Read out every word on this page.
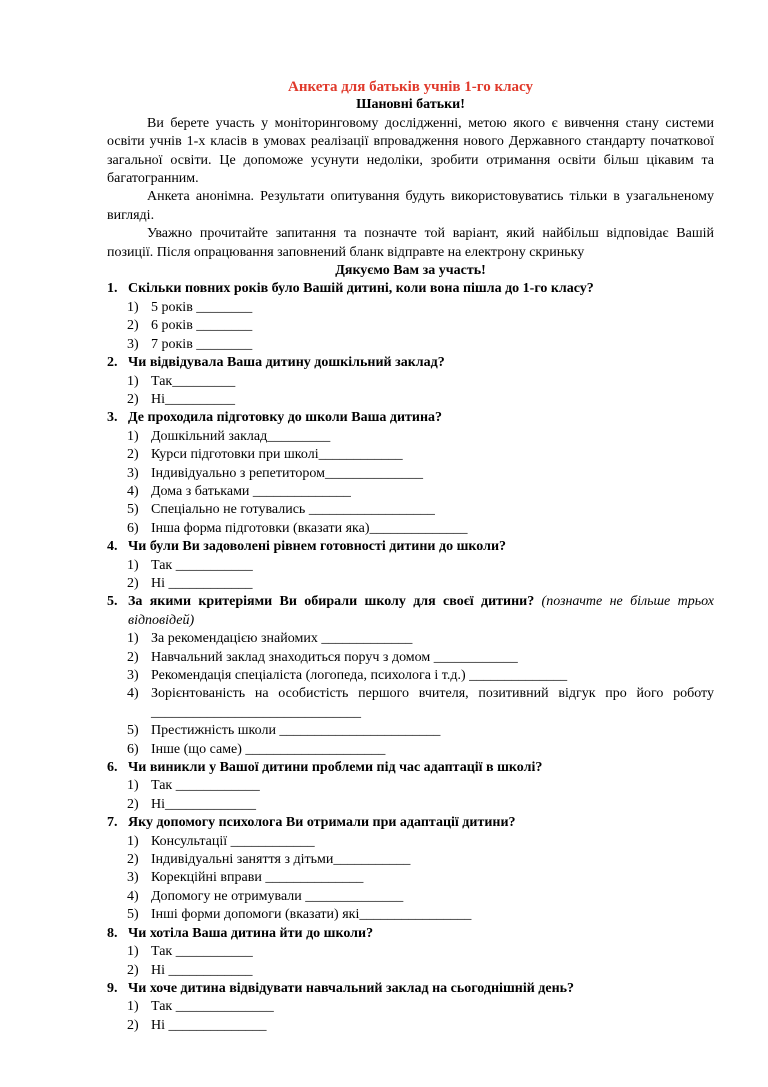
Анкета для батьків учнів 1-го класу
Шановні батьки!

Ви берете участь у моніторинговому дослідженні, метою якого є вивчення стану системи освіти учнів 1-х класів в умовах реалізації впровадження нового Державного стандарту початкової загальної освіти. Це допоможе усунути недоліки, зробити отримання освіти більш цікавим та багатогранним.

Анкета анонімна. Результати опитування будуть використовуватись тільки в узагальненому вигляді.

Уважно прочитайте запитання та позначте той варіант, який найбільш відповідає Вашій позиції. Після опрацювання заповнений бланк відправте на електрону скриньку

Дякуємо Вам за участь!
1. Скільки повних років було Вашій дитині, коли вона пішла до 1-го класу?
1) 5 років ________
2) 6 років ________
3) 7 років ________
2. Чи відвідувала Ваша дитину дошкільний заклад?
1) Так_________
2) Ні__________
3. Де проходила підготовку до школи Ваша дитина?
1) Дошкільний заклад_________
2) Курси підготовки при школі____________
3) Індивідуально з репетитором______________
4) Дома з батьками ______________
5) Спеціально не готувались __________________
6) Інша форма підготовки (вказати яка)______________
4. Чи були Ви задоволені рівнем готовності дитини до школи?
1) Так ___________
2) Ні ____________
5. За якими критеріями Ви обирали школу для своєї дитини? (позначте не більше трьох відповідей)
1) За рекомендацією знайомих _____________
2) Навчальний заклад знаходиться поруч з домом ____________
3) Рекомендація спеціаліста (логопеда, психолога і т.д.) ______________
4) Зорієнтованість на особистість першого вчителя, позитивний відгук про його роботу ______________________________
5) Престижність школи _______________________
6) Інше (що саме) ____________________
6. Чи виникли у Вашої дитини проблеми під час адаптації в школі?
1) Так ____________
2) Ні_____________
7. Яку допомогу психолога Ви отримали при адаптації дитини?
1) Консультації ____________
2) Індивідуальні заняття з дітьми___________
3) Корекційні вправи ______________
4) Допомогу не отримували ______________
5) Інші форми допомоги (вказати) які________________
8. Чи хотіла Ваша дитина йти до школи?
1) Так ___________
2) Ні ____________
9. Чи хоче дитина відвідувати навчальний заклад на сьогоднішній день?
1) Так ______________
2) Ні ______________
